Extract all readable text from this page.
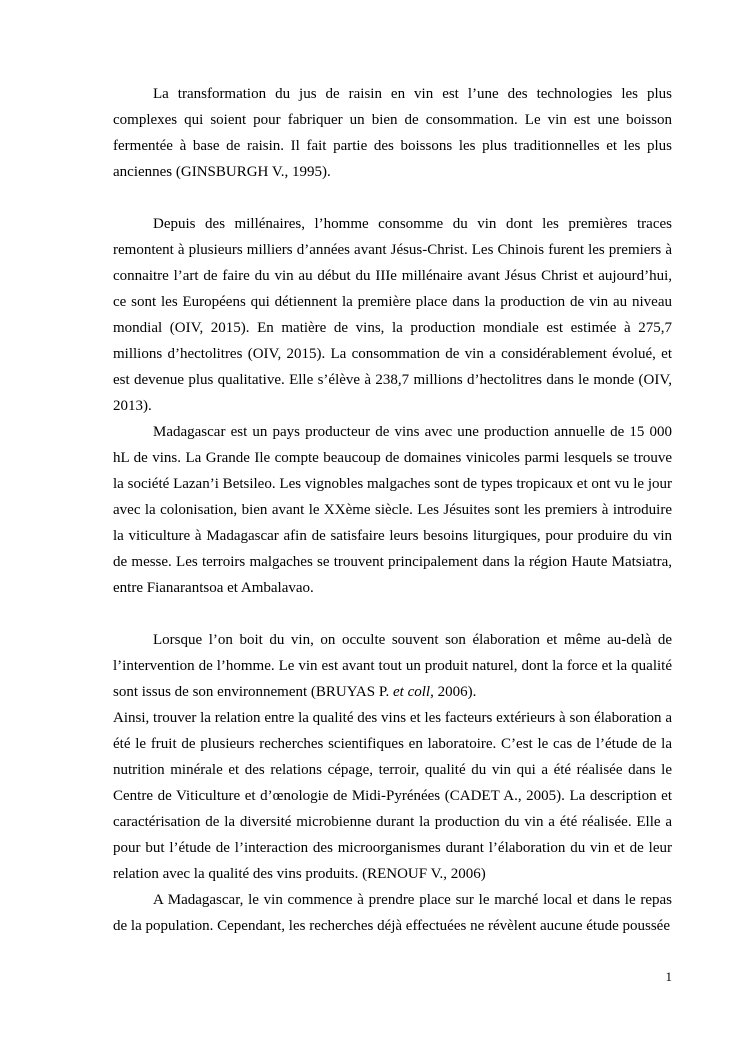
La transformation du jus de raisin en vin est l’une des technologies les plus complexes qui soient pour fabriquer un bien de consommation. Le vin est une boisson fermentée à base de raisin. Il fait partie des boissons les plus traditionnelles et les plus anciennes (GINSBURGH V., 1995).

Depuis des millénaires, l’homme consomme du vin dont les premières traces remontent à plusieurs milliers d’années avant Jésus-Christ. Les Chinois furent les premiers à connaitre l’art de faire du vin au début du IIIe millénaire avant Jésus Christ et aujourd’hui, ce sont les Européens qui détiennent la première place dans la production de vin au niveau mondial (OIV, 2015). En matière de vins, la production mondiale est estimée à 275,7 millions d’hectolitres (OIV, 2015). La consommation de vin a considérablement évolué, et est devenue plus qualitative. Elle s’élève à 238,7 millions d’hectolitres dans le monde (OIV, 2013).

Madagascar est un pays producteur de vins avec une production annuelle de 15 000 hL de vins. La Grande Ile compte beaucoup de domaines vinicoles parmi lesquels se trouve la société Lazan’i Betsileo. Les vignobles malgaches sont de types tropicaux et ont vu le jour avec la colonisation, bien avant le XXème siècle. Les Jésuites sont les premiers à introduire la viticulture à Madagascar afin de satisfaire leurs besoins liturgiques, pour produire du vin de messe. Les terroirs malgaches se trouvent principalement dans la région Haute Matsiatra, entre Fianarantsoa et Ambalavao.

Lorsque l’on boit du vin, on occulte souvent son élaboration et même au-delà de l’intervention de l’homme. Le vin est avant tout un produit naturel, dont la force et la qualité sont issus de son environnement (BRUYAS P. et coll, 2006).

Ainsi, trouver la relation entre la qualité des vins et les facteurs extérieurs à son élaboration a été le fruit de plusieurs recherches scientifiques en laboratoire. C’est le cas de l’étude de la nutrition minérale et des relations cépage, terroir, qualité du vin qui a été réalisée dans le Centre de Viticulture et d’œnologie de Midi-Pyrénées (CADET A., 2005). La description et caractérisation de la diversité microbienne durant la production du vin a été réalisée. Elle a pour but l’étude de l’interaction des microorganismes durant l’élaboration du vin et de leur relation avec la qualité des vins produits. (RENOUF V., 2006)

A Madagascar, le vin commence à prendre place sur le marché local et dans le repas de la population. Cependant, les recherches déjà effectuées ne révèlent aucune étude poussée

1
